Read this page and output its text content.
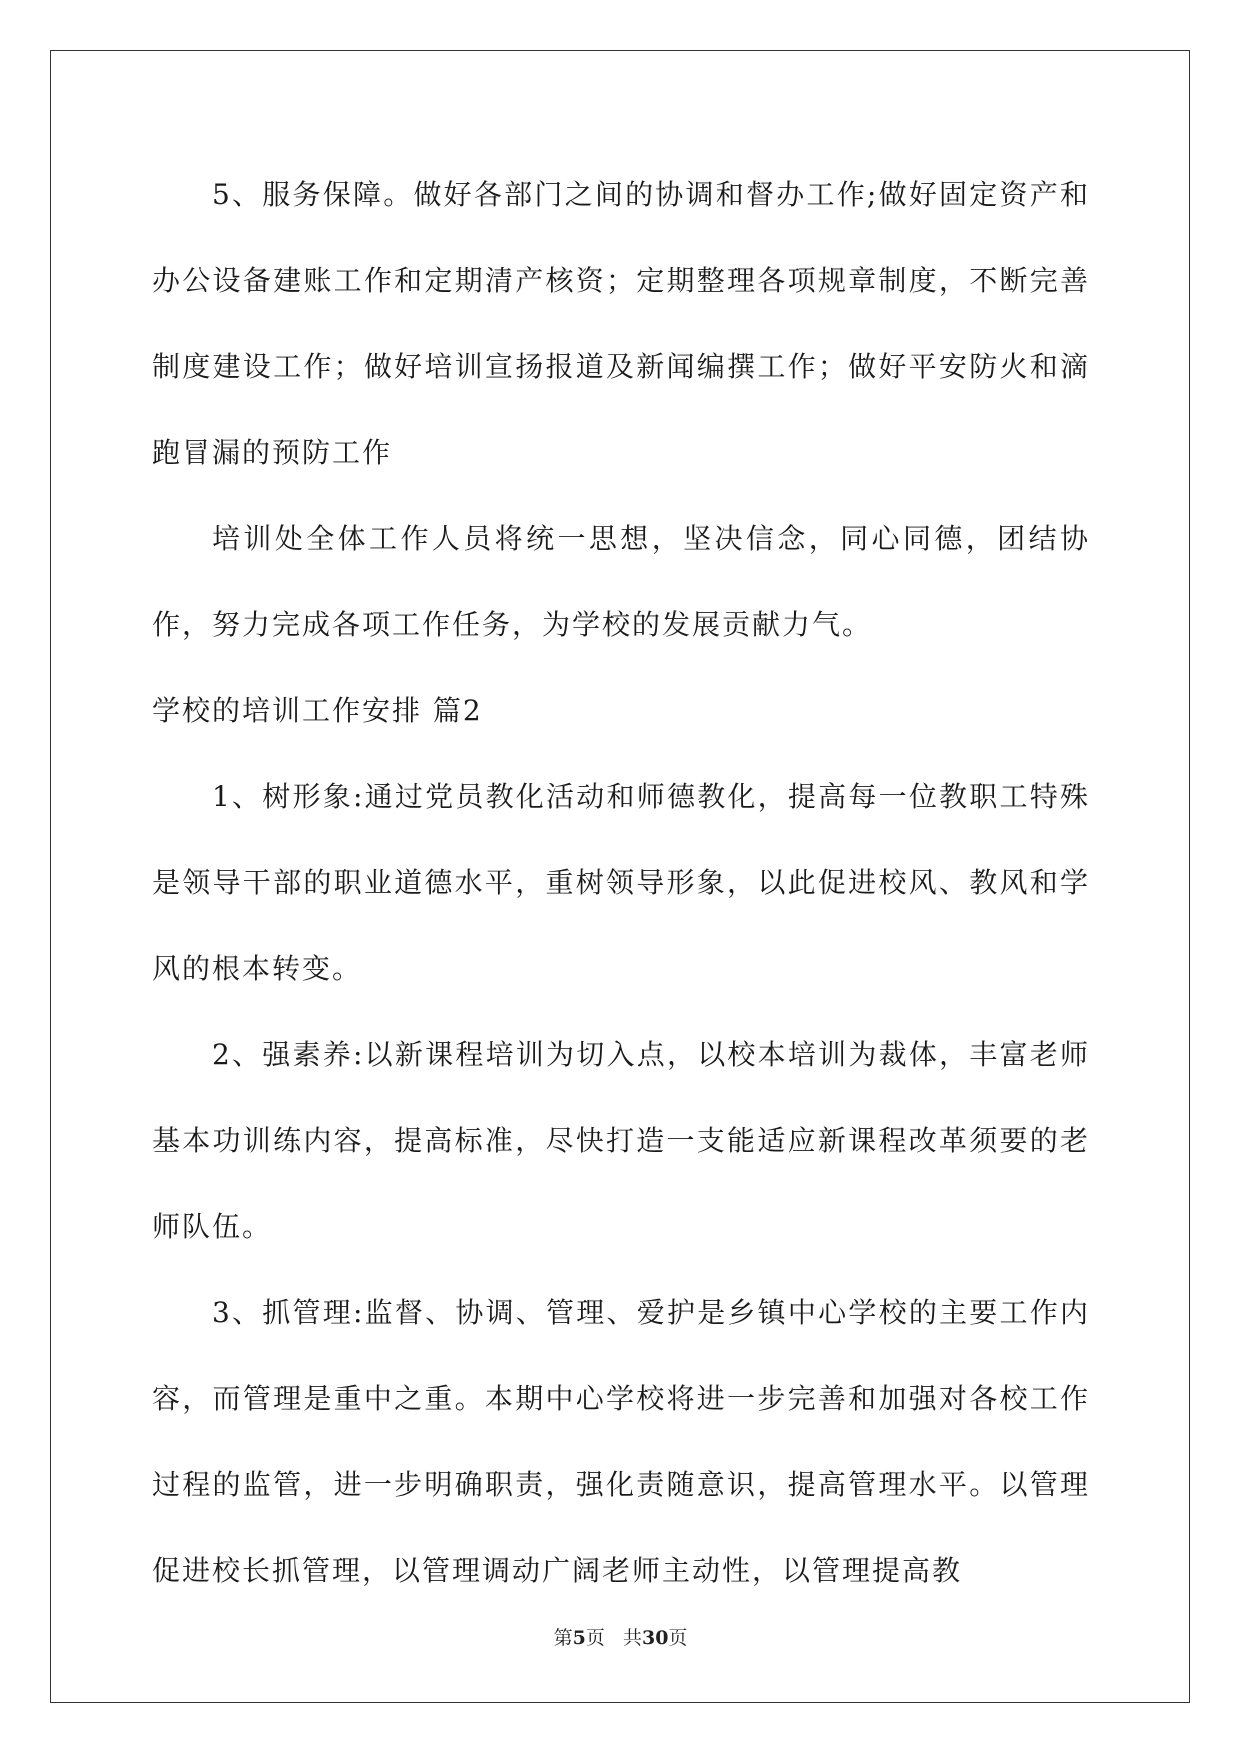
5、服务保障。做好各部门之间的协调和督办工作;做好固定资产和办公设备建账工作和定期清产核资；定期整理各项规章制度，不断完善制度建设工作；做好培训宣扬报道及新闻编撰工作；做好平安防火和滴跑冒漏的预防工作

培训处全体工作人员将统一思想，坚决信念，同心同德，团结协作，努力完成各项工作任务，为学校的发展贡献力气。

学校的培训工作安排 篇2

1、树形象:通过党员教化活动和师德教化，提高每一位教职工特殊是领导干部的职业道德水平，重树领导形象，以此促进校风、教风和学风的根本转变。

2、强素养:以新课程培训为切入点，以校本培训为裁体，丰富老师基本功训练内容，提高标准，尽快打造一支能适应新课程改革须要的老师队伍。

3、抓管理:监督、协调、管理、爱护是乡镇中心学校的主要工作内容，而管理是重中之重。本期中心学校将进一步完善和加强对各校工作过程的监管，进一步明确职责，强化责随意识，提高管理水平。以管理促进校长抓管理，以管理调动广阔老师主动性，以管理提高教

第5页 共30页
